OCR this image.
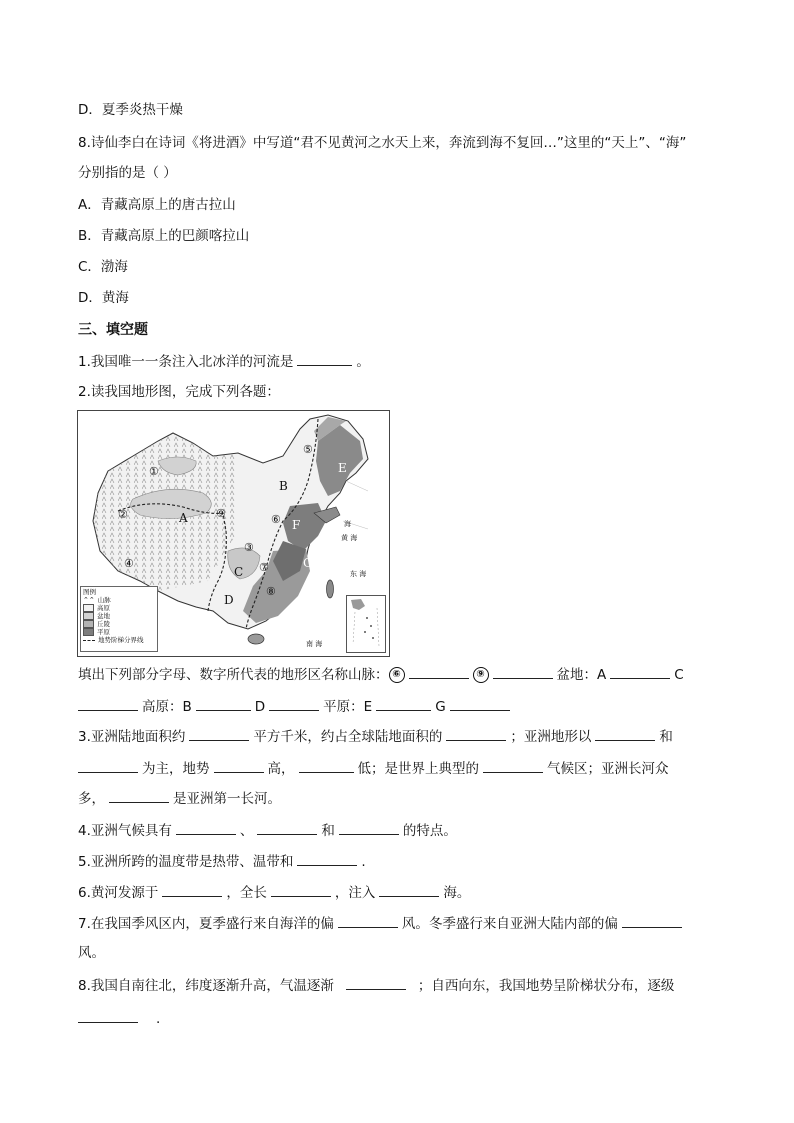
D．夏季炎热干燥
8.诗仙李白在诗词《将进酒》中写道“君不见黄河之水天上来，奔流到海不复回…”这里的“天上”、“海”
分别指的是（ ）
A．青藏高原上的唐古拉山
B．青藏高原上的巴颜喀拉山
C．渤海
D．黄海
三、填空题
1.我国唯一一条注入北冰洋的河流是	。
2.读我国地形图，完成下列各题：
①
②
③
④
⑤
⑥
⑦
⑧
⑨
A
B
C
D
E
F
G
黄 海
东 海
南 海
海
图例
⌃⌃ 山脉
高原
盆地
丘陵
平原
地势阶梯分界线
填出下列部分字母、数字所代表的地形区名称山脉： ⑥	⑨	盆地：A	C
高原：B	D	平原：E	G
3.亚洲陆地面积约	平方千米，约占全球陆地面积的	；亚洲地形以	和
为主，地势	高，	低；是世界上典型的	气候区；亚洲长河众
多，	是亚洲第一长河。
4.亚洲气候具有	、	和	的特点。
5.亚洲所跨的温度带是热带、温带和	.
6.黄河发源于	，全长	，注入	海。
7.在我国季风区内，夏季盛行来自海洋的偏	风。冬季盛行来自亚洲大陆内部的偏
风。
8.我国自南往北，纬度逐渐升高，气温逐渐	；自西向东，我国地势呈阶梯状分布，逐级
.
